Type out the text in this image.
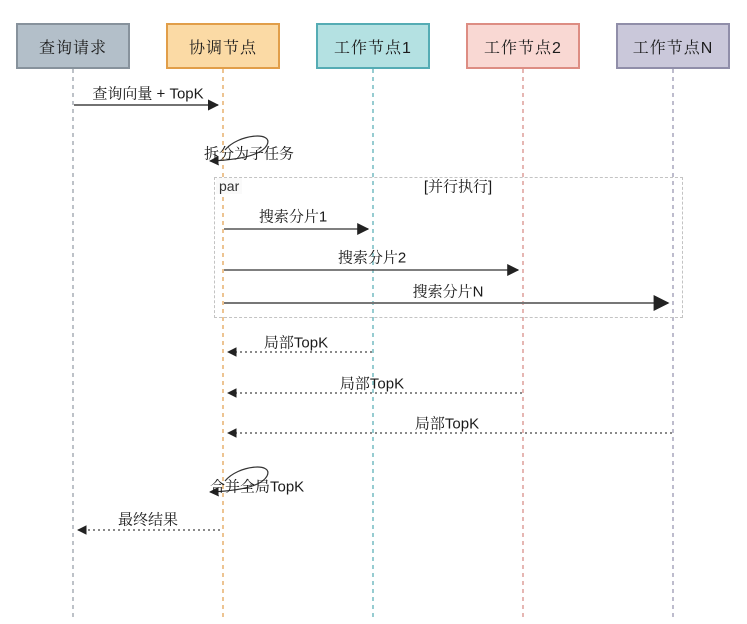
par	[并行执行]
查询请求	协调节点	工作节点1	工作节点2	工作节点N
查询向量 + TopK
拆分为子任务
搜索分片1
搜索分片2
搜索分片N
局部TopK
局部TopK
局部TopK
合并全局TopK
最终结果
